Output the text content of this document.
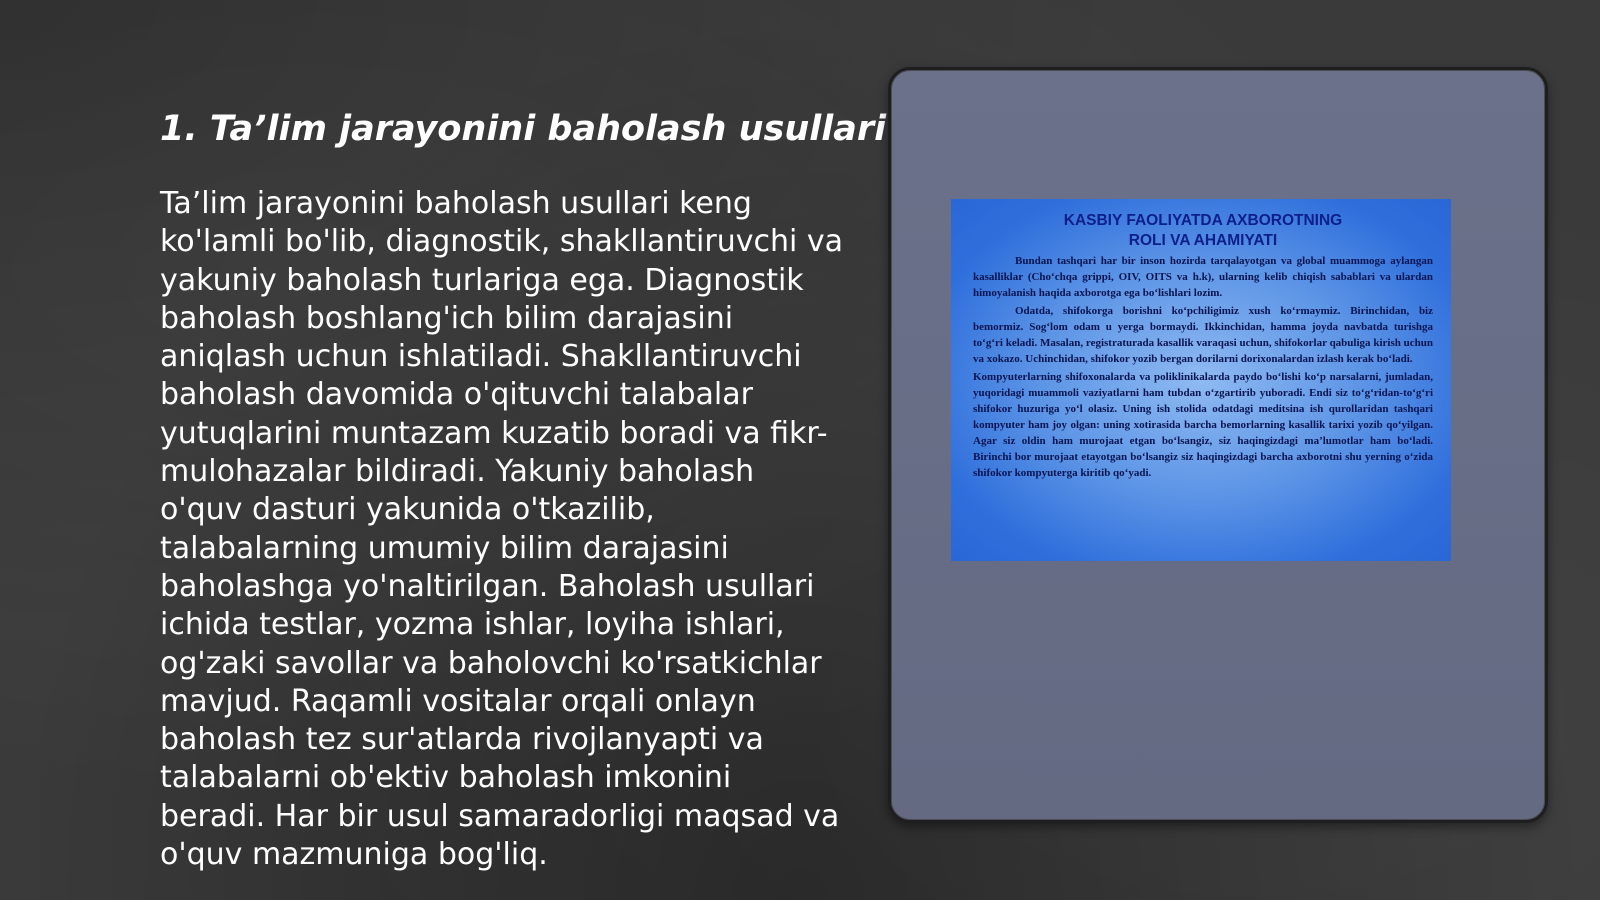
1. Ta’lim jarayonini baholash usullari

Ta’lim jarayonini baholash usullari keng ko'lamli bo'lib, diagnostik, shakllantiruvchi va yakuniy baholash turlariga ega. Diagnostik baholash boshlang'ich bilim darajasini aniqlash uchun ishlatiladi. Shakllantiruvchi baholash davomida o'qituvchi talabalar yutuqlarini muntazam kuzatib boradi va fikr-mulohazalar bildiradi. Yakuniy baholash o'quv dasturi yakunida o'tkazilib, talabalarning umumiy bilim darajasini baholashga yo'naltirilgan. Baholash usullari ichida testlar, yozma ishlar, loyiha ishlari, og'zaki savollar va baholovchi ko'rsatkichlar mavjud. Raqamli vositalar orqali onlayn baholash tez sur'atlarda rivojlanyapti va talabalarni ob'ektiv baholash imkonini beradi. Har bir usul samaradorligi maqsad va o'quv mazmuniga bog'liq.

KASBIY FAOLIYATDA AXBOROTNING

ROLI VA AHAMIYATI

Bundan tashqari har bir inson hozirda tarqalayotgan va global muammoga aylangan kasalliklar (Cho‘chqa grippi, OIV, OITS va h.k), ularning kelib chiqish sabablari va ulardan himoyalanish haqida axborotga ega bo‘lishlari lozim.

Odatda, shifokorga borishni ko‘pchiligimiz xush ko‘rmaymiz. Birinchidan, biz bemormiz. Sog‘lom odam u yerga bormaydi. Ikkinchidan, hamma joyda navbatda turishga to‘g‘ri keladi. Masalan, registraturada kasallik varaqasi uchun, shifokorlar qabuliga kirish uchun va xokazo. Uchinchidan, shifokor yozib bergan dorilarni dorixonalardan izlash kerak bo‘ladi.

Kompyuterlarning shifoxonalarda va poliklinikalarda paydo bo‘lishi ko‘p narsalarni, jumladan, yuqoridagi muammoli vaziyatlarni ham tubdan o‘zgartirib yuboradi. Endi siz to‘g‘ridan-to‘g‘ri shifokor huzuriga yo‘l olasiz. Uning ish stolida odatdagi meditsina ish qurollaridan tashqari kompyuter ham joy olgan: uning xotirasida barcha bemorlarning kasallik tarixi yozib qo‘yilgan. Agar siz oldin ham murojaat etgan bo‘lsangiz, siz haqingizdagi ma’lumotlar ham bo‘ladi. Birinchi bor murojaat etayotgan bo‘lsangiz siz haqingizdagi barcha axborotni shu yerning o‘zida shifokor kompyuterga kiritib qo‘yadi.
